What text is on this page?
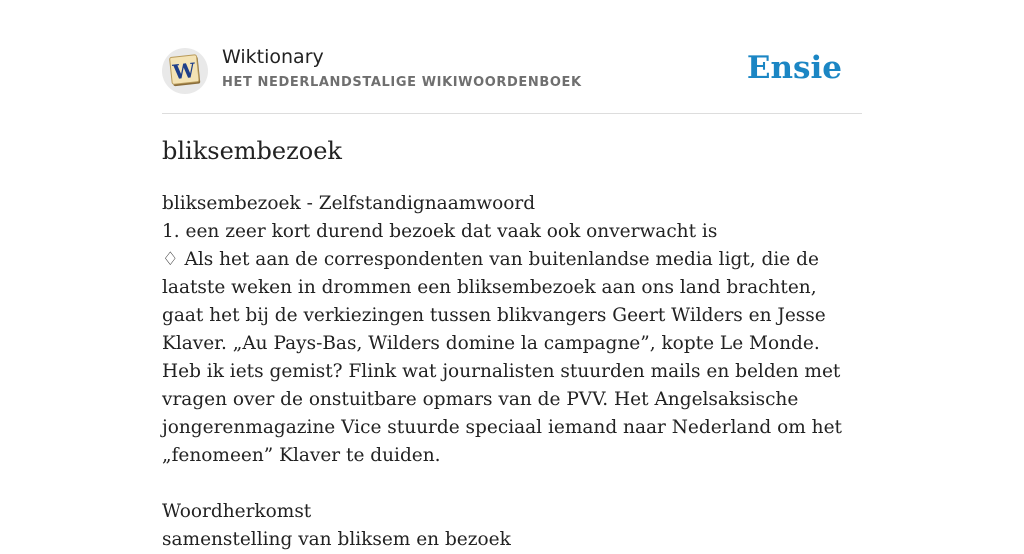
W
Wiktionary
HET NEDERLANDSTALIGE WIKIWOORDENBOEK	Ensie
bliksembezoek

bliksembezoek - Zelfstandignaamwoord

1. een zeer kort durend bezoek dat vaak ook onverwacht is

♢ Als het aan de correspondenten van buitenlandse media ligt, die de laatste weken in drommen een bliksembezoek aan ons land brachten, gaat het bij de verkiezingen tussen blikvangers Geert Wilders en Jesse Klaver. „Au Pays-Bas, Wilders domine la campagne”, kopte Le Monde. Heb ik iets gemist? Flink wat journalisten stuurden mails en belden met vragen over de onstuitbare opmars van de PVV. Het Angelsaksische jongerenmagazine Vice stuurde speciaal iemand naar Nederland om het „fenomeen” Klaver te duiden.

Woordherkomst

samenstelling van bliksem en bezoek
